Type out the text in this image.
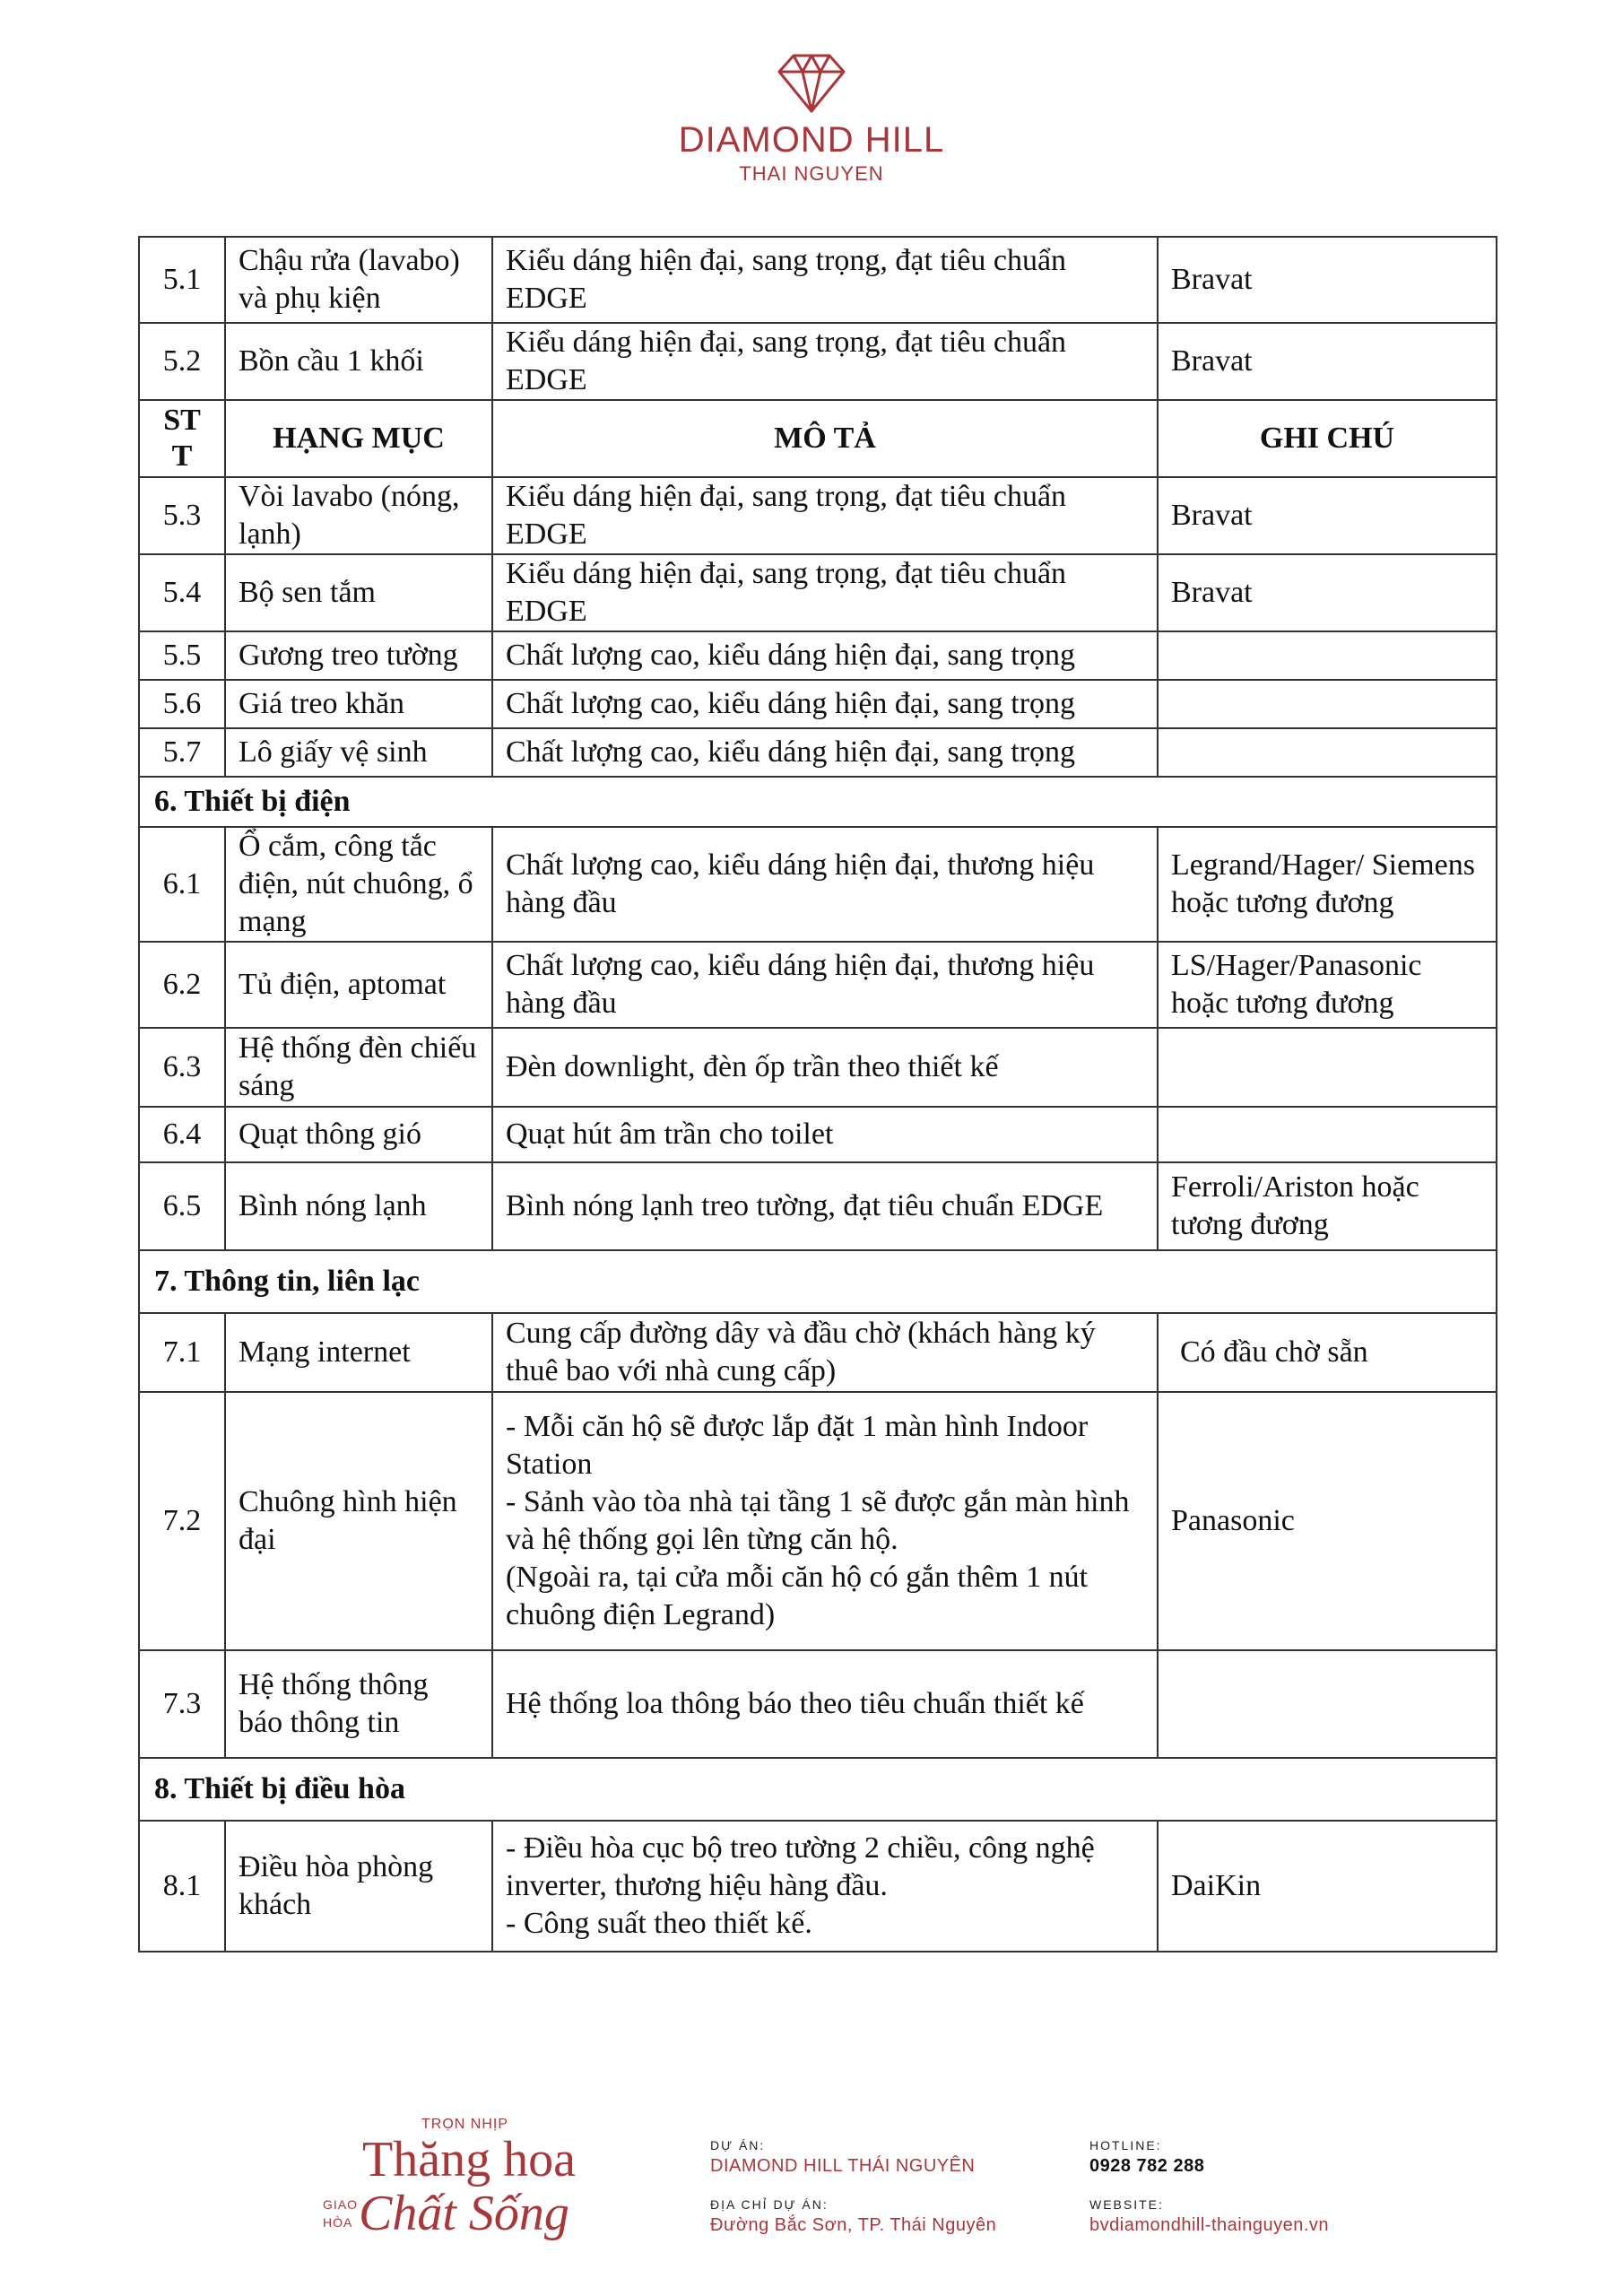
DIAMOND HILL
THAI NGUYEN
5.1	Chậu rửa (lavabo) và phụ kiện	Kiểu dáng hiện đại, sang trọng, đạt tiêu chuẩn EDGE	Bravat
5.2	Bồn cầu 1 khối	Kiểu dáng hiện đại, sang trọng, đạt tiêu chuẩn EDGE	Bravat
STT	HẠNG MỤC	MÔ TẢ	GHI CHÚ
5.3	Vòi lavabo (nóng, lạnh)	Kiểu dáng hiện đại, sang trọng, đạt tiêu chuẩn EDGE	Bravat
5.4	Bộ sen tắm	Kiểu dáng hiện đại, sang trọng, đạt tiêu chuẩn EDGE	Bravat
5.5	Gương treo tường	Chất lượng cao, kiểu dáng hiện đại, sang trọng	
5.6	Giá treo khăn	Chất lượng cao, kiểu dáng hiện đại, sang trọng	
5.7	Lô giấy vệ sinh	Chất lượng cao, kiểu dáng hiện đại, sang trọng	
6. Thiết bị điện			
6.1	Ổ cắm, công tắc điện, nút chuông, ổ mạng	Chất lượng cao, kiểu dáng hiện đại, thương hiệu hàng đầu	Legrand/Hager/ Siemens hoặc tương đương
6.2	Tủ điện, aptomat	Chất lượng cao, kiểu dáng hiện đại, thương hiệu hàng đầu	LS/Hager/Panasonic hoặc tương đương
6.3	Hệ thống đèn chiếu sáng	Đèn downlight, đèn ốp trần theo thiết kế	
6.4	Quạt thông gió	Quạt hút âm trần cho toilet	
6.5	Bình nóng lạnh	Bình nóng lạnh treo tường, đạt tiêu chuẩn EDGE	Ferroli/Ariston hoặc tương đương
7. Thông tin, liên lạc			
7.1	Mạng internet	Cung cấp đường dây và đầu chờ (khách hàng ký thuê bao với nhà cung cấp)	Có đầu chờ sẵn
7.2	Chuông hình hiện đại	- Mỗi căn hộ sẽ được lắp đặt 1 màn hình Indoor Station
- Sảnh vào tòa nhà tại tầng 1 sẽ được gắn màn hình và hệ thống gọi lên từng căn hộ.
(Ngoài ra, tại cửa mỗi căn hộ có gắn thêm 1 nút chuông điện Legrand)	Panasonic
7.3	Hệ thống thông báo thông tin	Hệ thống loa thông báo theo tiêu chuẩn thiết kế	
8. Thiết bị điều hòa			
8.1	Điều hòa phòng khách	- Điều hòa cục bộ treo tường 2 chiều, công nghệ inverter, thương hiệu hàng đầu.
- Công suất theo thiết kế.	DaiKin
TRỌN NHỊP
Thăng hoa
GIAO HÒA Chất Sống
DỰ ÁN:
DIAMOND HILL THÁI NGUYÊN
ĐỊA CHỈ DỰ ÁN:
Đường Bắc Sơn, TP. Thái Nguyên
HOTLINE:
0928 782 288
WEBSITE:
bvdiamondhill-thainguyen.vn
